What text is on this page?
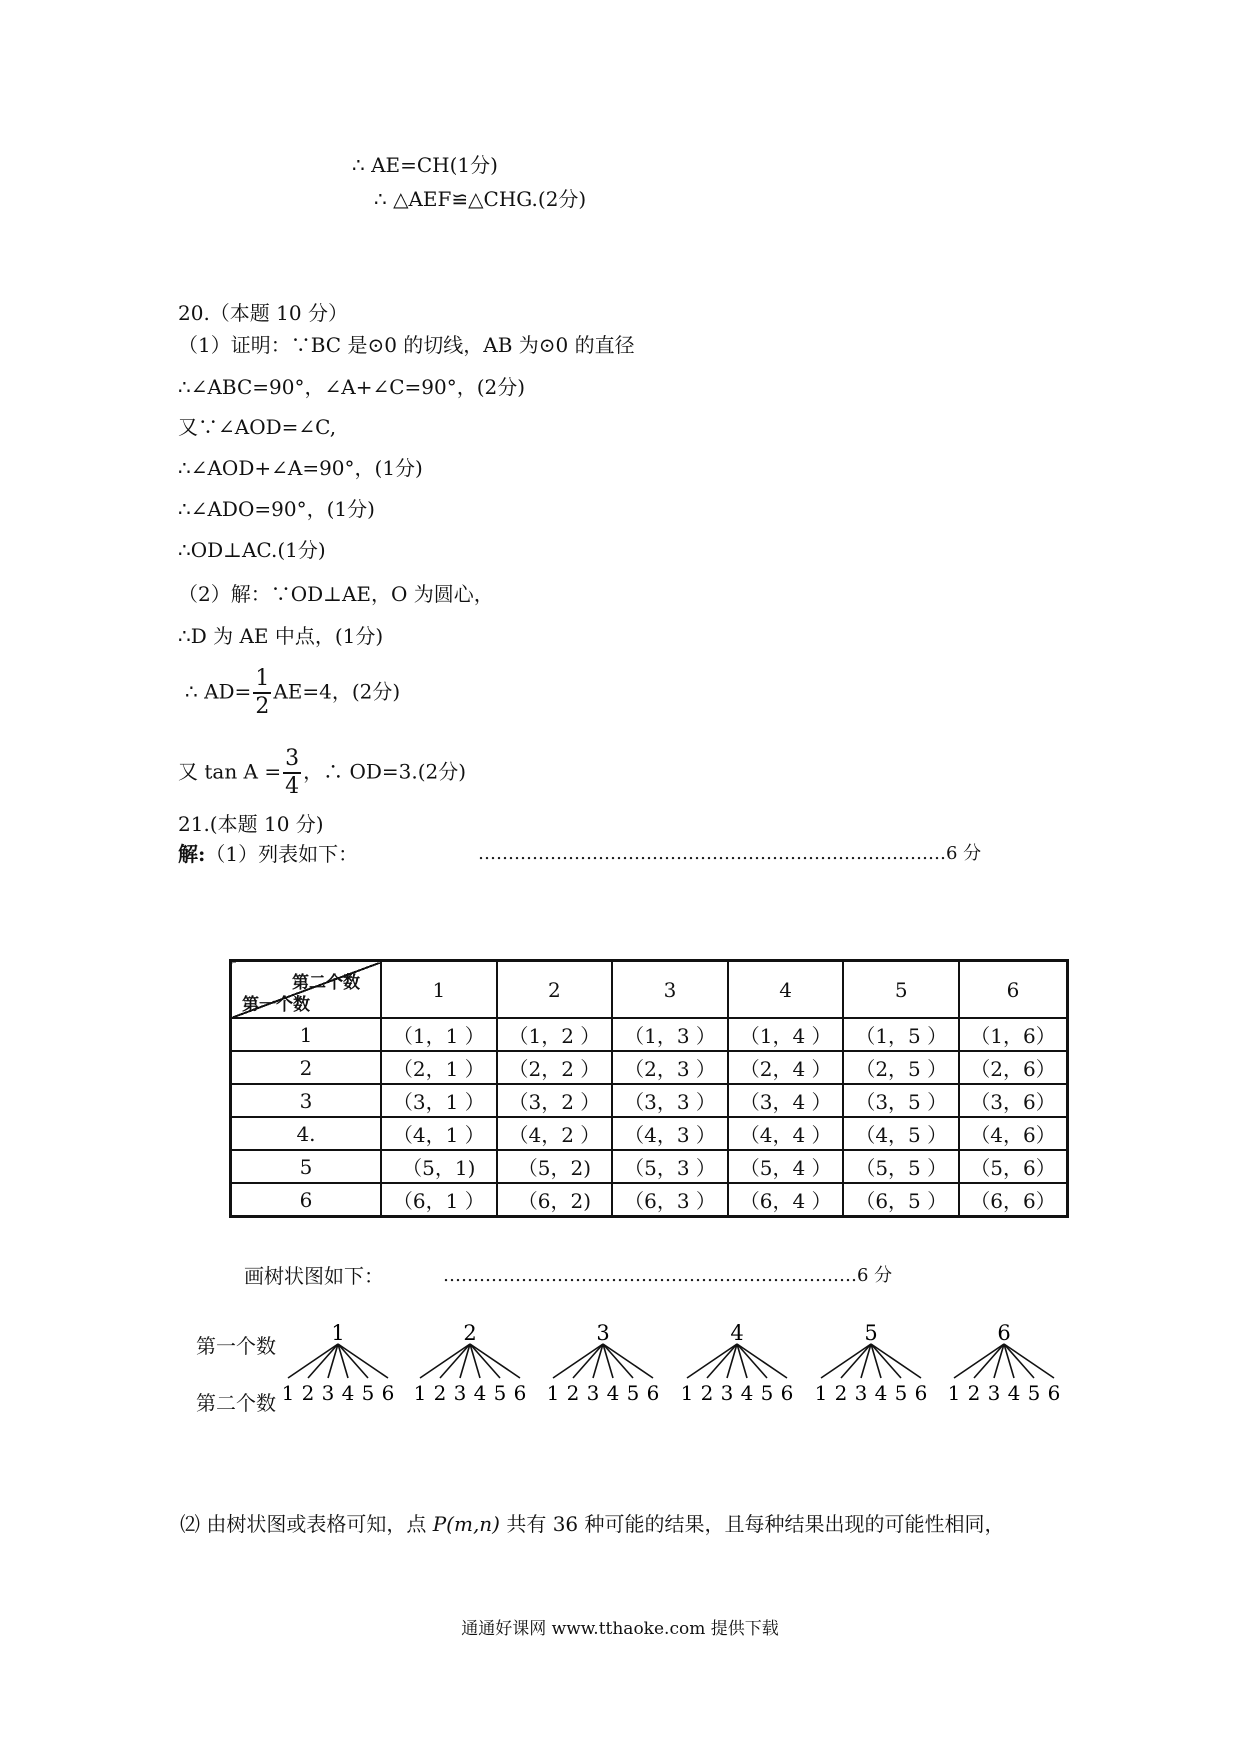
∴ AE=CH(1分)
∴ △AEF≌△CHG.(2分)
20.（本题 10 分）
（1）证明：∵BC 是⊙0 的切线，AB 为⊙0 的直径
∴∠ABC=90°，∠A+∠C=90°，(2分)
又∵∠AOD=∠C,
∴∠AOD+∠A=90°，(1分)
∴∠ADO=90°，(1分)
∴OD⊥AC.(1分)
（2）解：∵OD⊥AE，O 为圆心，
∴D 为 AE 中点，(1分)
∴ $AD= \frac{1}{2} AE=4$，(2分)
又 $\tan A = \frac{3}{4}$ ，∴ OD=3.(2分)
21.(本题 10 分)
解:（1）列表如下：	……………………………………………………………………6 分
第二个数
第一个数	1	2	3	4	5	6
1	（1，1 ）	（1，2 ）	（1，3 ）	（1，4 ）	（1，5 ）	（1，6）
2	（2，1 ）	（2，2 ）	（2，3 ）	（2，4 ）	（2，5 ）	（2，6）
3	（3，1 ）	（3，2 ）	（3，3 ）	（3，4 ）	（3，5 ）	（3，6）
4.	（4，1 ）	（4，2 ）	（4，3 ）	（4，4 ）	（4，5 ）	（4，6）
5	（5，1)	（5，2)	（5，3 ）	（5，4 ）	（5，5 ）	（5，6）
6	（6，1 ）	（6，2)	（6，3 ）	（6，4 ）	（6，5 ）	（6，6）
画树状图如下：	……………………………………………………………6 分
第一个数
第二个数
1
1 2 3 4 5 6
2
1 2 3 4 5 6
3
1 2 3 4 5 6
4
1 2 3 4 5 6
5
1 2 3 4 5 6
6
1 2 3 4 5 6
⑵ 由树状图或表格可知，点 P(m,n) 共有 36 种可能的结果，且每种结果出现的可能性相同，
通通好课网 www.tthaoke.com 提供下载
